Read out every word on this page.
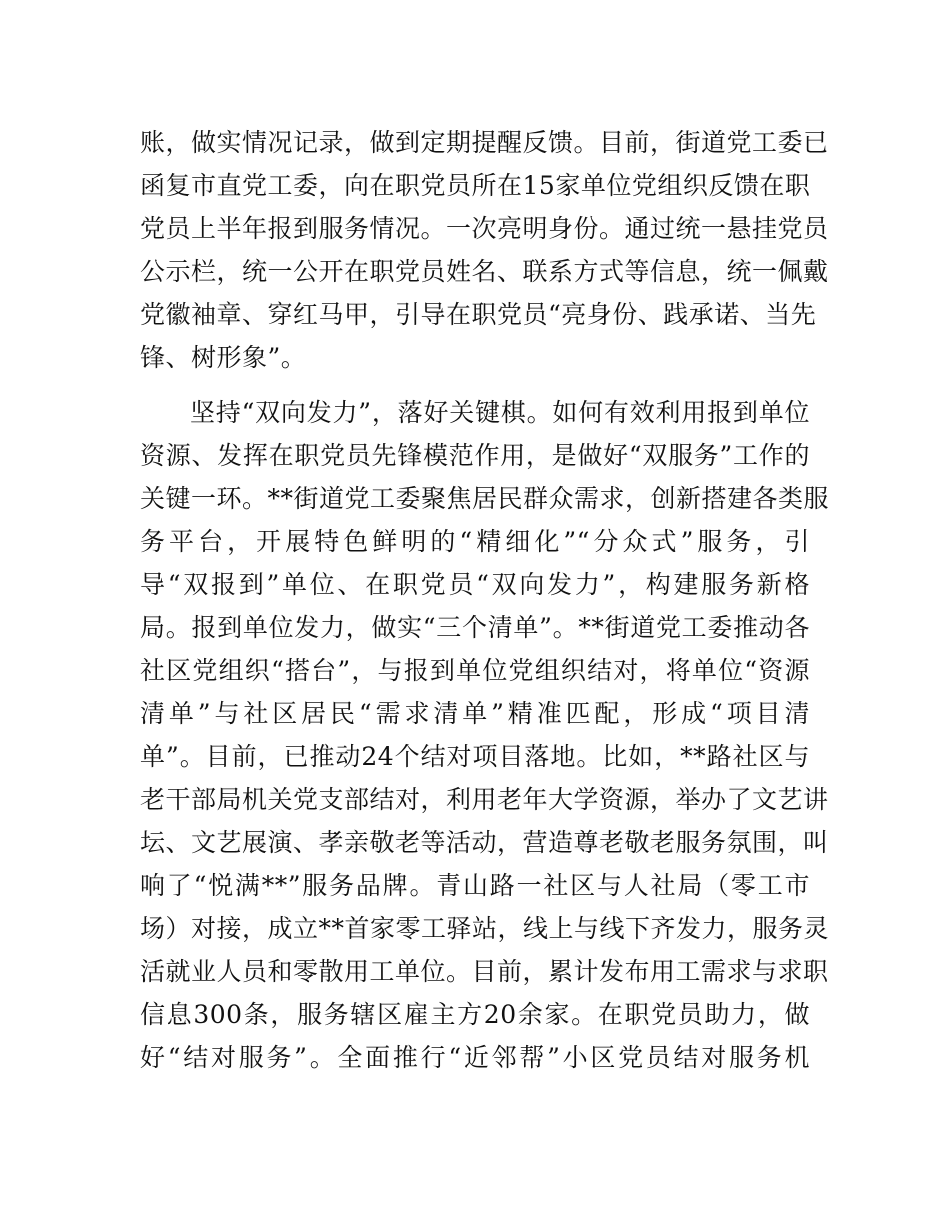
账，做实情况记录，做到定期提醒反馈。目前，街道党工委已
函复市直党工委，向在职党员所在15家单位党组织反馈在职
党员上半年报到服务情况。一次亮明身份。通过统一悬挂党员
公示栏，统一公开在职党员姓名、联系方式等信息，统一佩戴
党徽袖章、穿红马甲，引导在职党员“亮身份、践承诺、当先
锋、树形象”。
坚持“双向发力”，落好关键棋。如何有效利用报到单位
资源、发挥在职党员先锋模范作用，是做好“双服务”工作的
关键一环。**街道党工委聚焦居民群众需求，创新搭建各类服
务平台，开展特色鲜明的“精细化”“分众式”服务，引
导“双报到”单位、在职党员“双向发力”，构建服务新格
局。报到单位发力，做实“三个清单”。**街道党工委推动各
社区党组织“搭台”，与报到单位党组织结对，将单位“资源
清单”与社区居民“需求清单”精准匹配，形成“项目清
单”。目前，已推动24个结对项目落地。比如，**路社区与
老干部局机关党支部结对，利用老年大学资源，举办了文艺讲
坛、文艺展演、孝亲敬老等活动，营造尊老敬老服务氛围，叫
响了“悦满**”服务品牌。青山路一社区与人社局（零工市
场）对接，成立**首家零工驿站，线上与线下齐发力，服务灵
活就业人员和零散用工单位。目前，累计发布用工需求与求职
信息300条，服务辖区雇主方20余家。在职党员助力，做
好“结对服务”。全面推行“近邻帮”小区党员结对服务机
